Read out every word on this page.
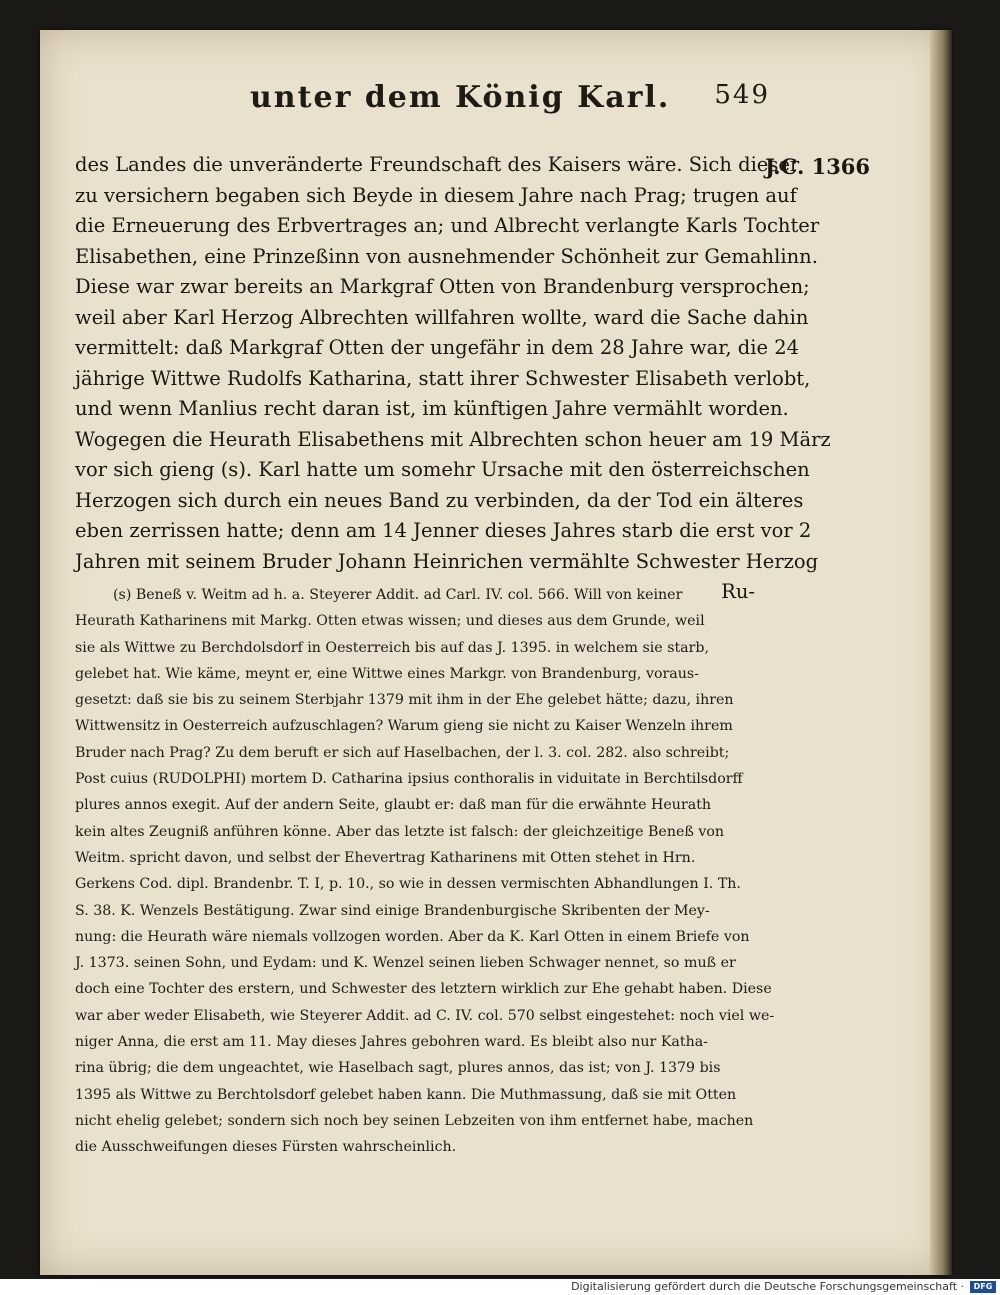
unter dem König Karl. 549
J.C. 1366
des Landes die unveränderte Freundschaft des Kaisers wäre. Sich dieser
zu versichern begaben sich Beyde in diesem Jahre nach Prag; trugen auf
die Erneuerung des Erbvertrages an; und Albrecht verlangte Karls Tochter
Elisabethen, eine Prinzeßinn von ausnehmender Schönheit zur Gemahlinn.
Diese war zwar bereits an Markgraf Otten von Brandenburg versprochen;
weil aber Karl Herzog Albrechten willfahren wollte, ward die Sache dahin
vermittelt: daß Markgraf Otten der ungefähr in dem 28 Jahre war, die 24
jährige Wittwe Rudolfs Katharina, statt ihrer Schwester Elisabeth verlobt,
und wenn Manlius recht daran ist, im künftigen Jahre vermählt worden.
Wogegen die Heurath Elisabethens mit Albrechten schon heuer am 19 März
vor sich gieng (s). Karl hatte um somehr Ursache mit den österreichschen
Herzogen sich durch ein neues Band zu verbinden, da der Tod ein älteres
eben zerrissen hatte; denn am 14 Jenner dieses Jahres starb die erst vor 2
Jahren mit seinem Bruder Johann Heinrichen vermählte Schwester Herzog
Ru-
(s) Beneß v. Weitm ad h. a. Steyerer Addit. ad Carl. IV. col. 566. Will von keiner
Heurath Katharinens mit Markg. Otten etwas wissen; und dieses aus dem Grunde, weil
sie als Wittwe zu Berchdolsdorf in Oesterreich bis auf das J. 1395. in welchem sie starb,
gelebet hat. Wie käme, meynt er, eine Wittwe eines Markgr. von Brandenburg, voraus-
gesetzt: daß sie bis zu seinem Sterbjahr 1379 mit ihm in der Ehe gelebet hätte; dazu, ihren
Wittwensitz in Oesterreich aufzuschlagen? Warum gieng sie nicht zu Kaiser Wenzeln ihrem
Bruder nach Prag? Zu dem beruft er sich auf Haselbachen, der l. 3. col. 282. also schreibt;
Post cuius (RUDOLPHI) mortem D. Catharina ipsius conthoralis in viduitate in Berchtilsdorff
plures annos exegit. Auf der andern Seite, glaubt er: daß man für die erwähnte Heurath
kein altes Zeugniß anführen könne. Aber das letzte ist falsch: der gleichzeitige Beneß von
Weitm. spricht davon, und selbst der Ehevertrag Katharinens mit Otten stehet in Hrn.
Gerkens Cod. dipl. Brandenbr. T. I, p. 10., so wie in dessen vermischten Abhandlungen I. Th.
S. 38. K. Wenzels Bestätigung. Zwar sind einige Brandenburgische Skribenten der Mey-
nung: die Heurath wäre niemals vollzogen worden. Aber da K. Karl Otten in einem Briefe von
J. 1373. seinen Sohn, und Eydam: und K. Wenzel seinen lieben Schwager nennet, so muß er
doch eine Tochter des erstern, und Schwester des letztern wirklich zur Ehe gehabt haben. Diese
war aber weder Elisabeth, wie Steyerer Addit. ad C. IV. col. 570 selbst eingestehet: noch viel we-
niger Anna, die erst am 11. May dieses Jahres gebohren ward. Es bleibt also nur Katha-
rina übrig; die dem ungeachtet, wie Haselbach sagt, plures annos, das ist; von J. 1379 bis
1395 als Wittwe zu Berchtolsdorf gelebet haben kann. Die Muthmassung, daß sie mit Otten
nicht ehelig gelebet; sondern sich noch bey seinen Lebzeiten von ihm entfernet habe, machen
die Ausschweifungen dieses Fürsten wahrscheinlich.
Digitalisierung gefördert durch die Deutsche Forschungsgemeinschaft ·	DFG
